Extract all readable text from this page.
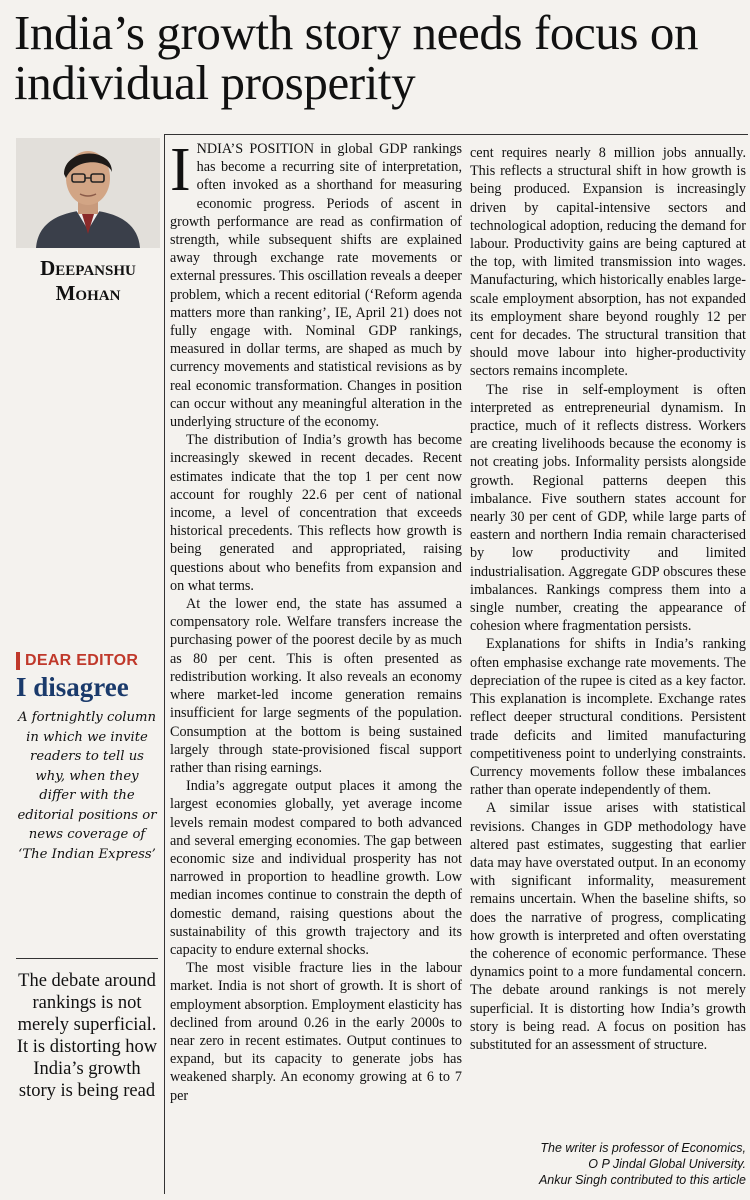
India’s growth story needs focus on individual prosperity
Deepanshu
Mohan
DEAR EDITOR
I disagree
A fortnightly column in which we invite readers to tell us why, when they differ with the editorial positions or news coverage of ‘The Indian Express’
The debate around rankings is not merely superficial. It is distorting how India’s growth story is being read

INDIA’S POSITION in global GDP rankings has become a recurring site of interpretation, often invoked as a shorthand for measuring economic progress. Periods of ascent in growth performance are read as confirmation of strength, while subsequent shifts are explained away through exchange rate movements or external pressures. This oscillation reveals a deeper problem, which a recent editorial (‘Reform agenda matters more than ranking’, IE, April 21) does not fully engage with. Nominal GDP rankings, measured in dollar terms, are shaped as much by currency movements and statistical revisions as by real economic transformation. Changes in position can occur without any meaningful alteration in the underlying structure of the economy.

The distribution of India’s growth has become increasingly skewed in recent decades. Recent estimates indicate that the top 1 per cent now account for roughly 22.6 per cent of national income, a level of concentration that exceeds historical precedents. This reflects how growth is being generated and appropriated, raising questions about who benefits from expansion and on what terms.

At the lower end, the state has assumed a compensatory role. Welfare transfers increase the purchasing power of the poorest decile by as much as 80 per cent. This is often presented as redistribution working. It also reveals an economy where market-led income generation remains insufficient for large segments of the population. Consumption at the bottom is being sustained largely through state-provisioned fiscal support rather than rising earnings.

India’s aggregate output places it among the largest economies globally, yet average income levels remain modest compared to both advanced and several emerging economies. The gap between economic size and individual prosperity has not narrowed in proportion to headline growth. Low median incomes continue to constrain the depth of domestic demand, raising questions about the sustainability of this growth trajectory and its capacity to endure external shocks.

The most visible fracture lies in the labour market. India is not short of growth. It is short of employment absorption. Employment elasticity has declined from around 0.26 in the early 2000s to near zero in recent estimates. Output continues to expand, but its capacity to generate jobs has weakened sharply. An economy growing at 6 to 7 per

cent requires nearly 8 million jobs annually. This reflects a structural shift in how growth is being produced. Expansion is increasingly driven by capital-intensive sectors and technological adoption, reducing the demand for labour. Productivity gains are being captured at the top, with limited transmission into wages. Manufacturing, which historically enables large-scale employment absorption, has not expanded its employment share beyond roughly 12 per cent for decades. The structural transition that should move labour into higher-productivity sectors remains incomplete.

The rise in self-employment is often interpreted as entrepreneurial dynamism. In practice, much of it reflects distress. Workers are creating livelihoods because the economy is not creating jobs. Informality persists alongside growth. Regional patterns deepen this imbalance. Five southern states account for nearly 30 per cent of GDP, while large parts of eastern and northern India remain characterised by low productivity and limited industrialisation. Aggregate GDP obscures these imbalances. Rankings compress them into a single number, creating the appearance of cohesion where fragmentation persists.

Explanations for shifts in India’s ranking often emphasise exchange rate movements. The depreciation of the rupee is cited as a key factor. This explanation is incomplete. Exchange rates reflect deeper structural conditions. Persistent trade deficits and limited manufacturing competitiveness point to underlying constraints. Currency movements follow these imbalances rather than operate independently of them.

A similar issue arises with statistical revisions. Changes in GDP methodology have altered past estimates, suggesting that earlier data may have overstated output. In an economy with significant informality, measurement remains uncertain. When the baseline shifts, so does the narrative of progress, complicating how growth is interpreted and often overstating the coherence of economic performance. These dynamics point to a more fundamental concern. The debate around rankings is not merely superficial. It is distorting how India’s growth story is being read. A focus on position has substituted for an assessment of structure.

The writer is professor of Economics,
O P Jindal Global University.
Ankur Singh contributed to this article
